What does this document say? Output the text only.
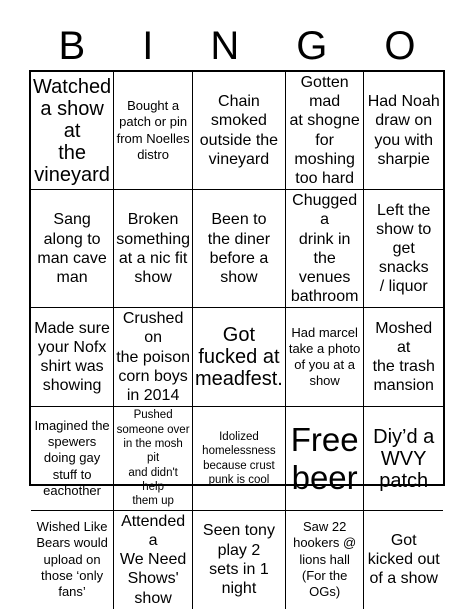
B I N G O
Watched
a show at
the
vineyard
Bought a
patch or pin
from Noelles
distro
Chain
smoked
outside the
vineyard
Gotten mad
at shogne
for moshing
too hard
Had Noah
draw on
you with
sharpie
Sang
along to
man cave
man
Broken
something
at a nic fit
show
Been to
the diner
before a
show
Chugged a
drink in the
venues
bathroom
Left the
show to
get snacks
/ liquor
Made sure
your Nofx
shirt was
showing
Crushed on
the poison
corn boys
in 2014
Got
fucked at
meadfest.
Had marcel
take a photo
of you at a
show
Moshed at
the trash
mansion
Imagined the
spewers
doing gay
stuff to
eachother
Pushed
someone over
in the mosh pit
and didn't help
them up
Idolized
homelessness
because crust
punk is cool
Free
beer
Diy’d a
WVY
patch
Wished Like
Bears would
upload on
those ‘only
fans’
Attended a
We Need
Shows'
show
Seen tony
play 2
sets in 1
night
Saw 22
hookers @
lions hall
(For the
OGs)
Got
kicked out
of a show
